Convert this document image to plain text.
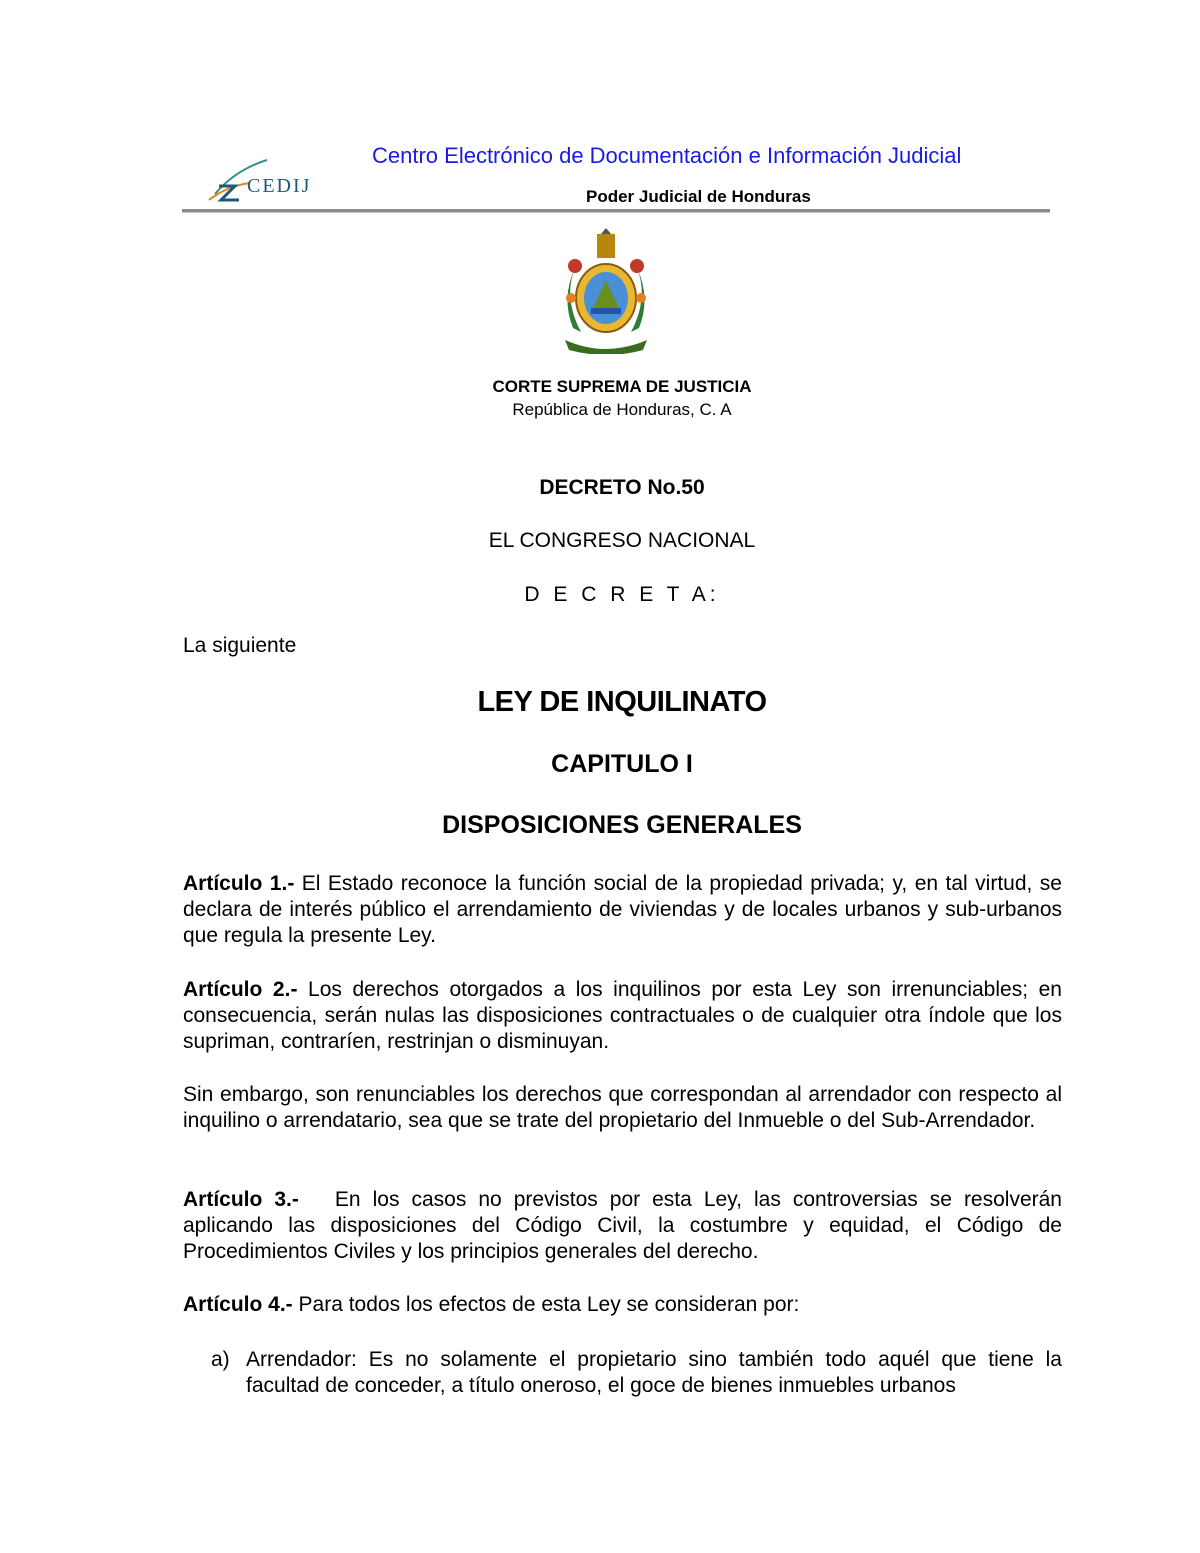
CEDIJ
Centro Electrónico de Documentación e Información Judicial
Poder Judicial de Honduras
CORTE SUPREMA DE JUSTICIA
República de Honduras, C. A
DECRETO No.50
EL CONGRESO NACIONAL
D E C R E T A:
La siguiente
LEY DE INQUILINATO
CAPITULO I
DISPOSICIONES GENERALES
Artículo 1.- El Estado reconoce la función social de la propiedad privada; y, en tal virtud, se declara de interés público el arrendamiento de viviendas y de locales urbanos y sub-urbanos que regula la presente Ley.
Artículo 2.- Los derechos otorgados a los inquilinos por esta Ley son irrenunciables; en consecuencia, serán nulas las disposiciones contractuales o de cualquier otra índole que los supriman, contraríen, restrinjan o disminuyan.
Sin embargo, son renunciables los derechos que correspondan al arrendador con respecto al inquilino o arrendatario, sea que se trate del propietario del Inmueble o del Sub-Arrendador.
Artículo 3.-   En los casos no previstos por esta Ley, las controversias se resolverán aplicando las disposiciones del Código Civil, la costumbre y equidad, el Código de Procedimientos Civiles y los principios generales del derecho.
Artículo 4.- Para todos los efectos de esta Ley se consideran por:
a) Arrendador: Es no solamente el propietario sino también todo aquél que tiene la facultad de conceder, a título oneroso, el goce de bienes inmuebles urbanos
